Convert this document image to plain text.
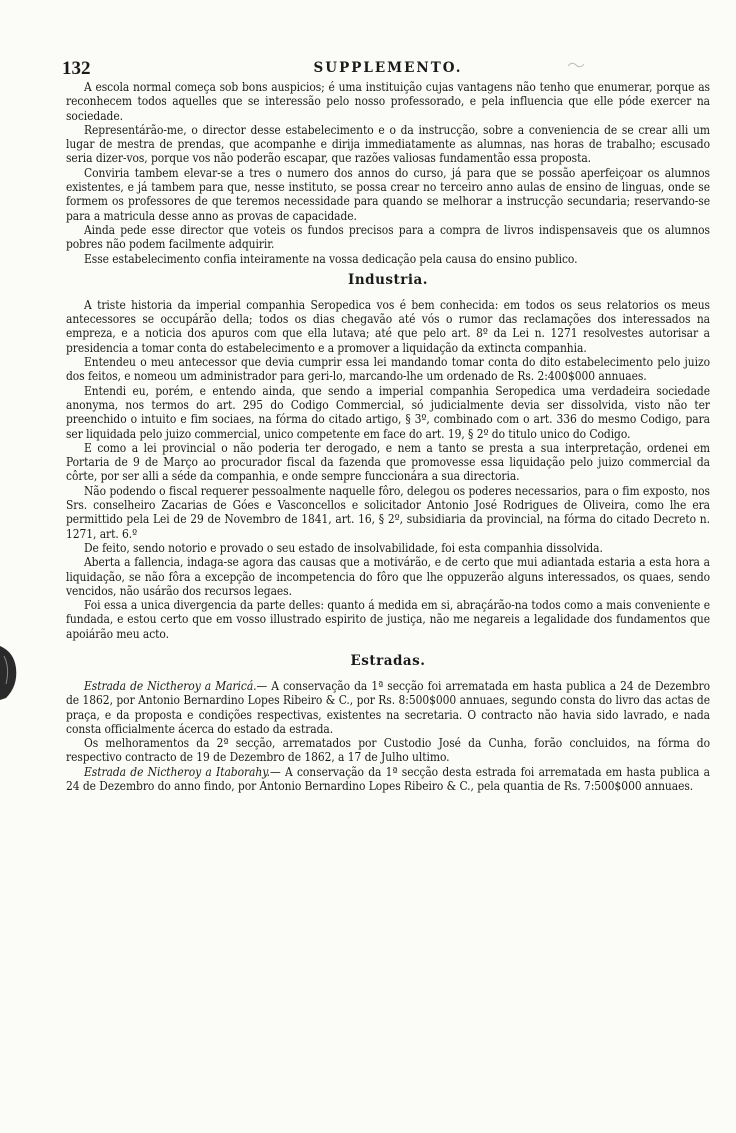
132	SUPPLEMENTO.

A escola normal começa sob bons auspicios; é uma instituição cujas vantagens não tenho que enumerar, porque as reconhecem todos aquelles que se interessão pelo nosso professorado, e pela influencia que elle póde exercer na sociedade.

Representárão-me, o director desse estabelecimento e o da instrucção, sobre a conveniencia de se crear alli um lugar de mestra de prendas, que acompanhe e dirija immediatamente as alumnas, nas horas de trabalho; escusado seria dizer-vos, porque vos não poderão escapar, que razões valiosas fundamentão essa proposta.

Conviria tambem elevar-se a tres o numero dos annos do curso, já para que se possão aperfeiçoar os alumnos existentes, e já tambem para que, nesse instituto, se possa crear no terceiro anno aulas de ensino de linguas, onde se formem os professores de que teremos necessidade para quando se melhorar a instrucção secundaria; reservando-se para a matricula desse anno as provas de capacidade.

Ainda pede esse director que voteis os fundos precisos para a compra de livros indispensaveis que os alumnos pobres não podem facilmente adquirir.

Esse estabelecimento confia inteiramente na vossa dedicação pela causa do ensino publico.

Industria.

A triste historia da imperial companhia Seropedica vos é bem conhecida: em todos os seus relatorios os meus antecessores se occupárão della; todos os dias chegavão até vós o rumor das reclamações dos interessados na empreza, e a noticia dos apuros com que ella lutava; até que pelo art. 8º da Lei n. 1271 resolvestes autorisar a presidencia a tomar conta do estabelecimento e a promover a liquidação da extincta companhia.

Entendeu o meu antecessor que devia cumprir essa lei mandando tomar conta do dito estabelecimento pelo juizo dos feitos, e nomeou um administrador para geri-lo, marcando-lhe um ordenado de Rs. 2:400$000 annuaes.

Entendi eu, porém, e entendo ainda, que sendo a imperial companhia Seropedica uma verdadeira sociedade anonyma, nos termos do art. 295 do Codigo Commercial, só judicialmente devia ser dissolvida, visto não ter preenchido o intuito e fim sociaes, na fórma do citado artigo, § 3º, combinado com o art. 336 do mesmo Codigo, para ser liquidada pelo juizo commercial, unico competente em face do art. 19, § 2º do titulo unico do Codigo.

E como a lei provincial o não poderia ter derogado, e nem a tanto se presta a sua interpretação, ordenei em Portaria de 9 de Março ao procurador fiscal da fazenda que promovesse essa liquidação pelo juizo commercial da côrte, por ser alli a séde da companhia, e onde sempre funccionára a sua directoria.

Não podendo o fiscal requerer pessoalmente naquelle fôro, delegou os poderes necessarios, para o fim exposto, nos Srs. conselheiro Zacarias de Góes e Vasconcellos e solicitador Antonio José Rodrigues de Oliveira, como lhe era permittido pela Lei de 29 de Novembro de 1841, art. 16, § 2º, subsidiaria da provincial, na fórma do citado Decreto n. 1271, art. 6.º

De feito, sendo notorio e provado o seu estado de insolvabilidade, foi esta companhia dissolvida.

Aberta a fallencia, indaga-se agora das causas que a motivárão, e de certo que mui adiantada estaria a esta hora a liquidação, se não fôra a excepção de incompetencia do fôro que lhe oppuzerão alguns interessados, os quaes, sendo vencidos, não usárão dos recursos legaes.

Foi essa a unica divergencia da parte delles: quanto á medida em si, abraçárão-na todos como a mais conveniente e fundada, e estou certo que em vosso illustrado espirito de justiça, não me negareis a legalidade dos fundamentos que apoiárão meu acto.

Estradas.

Estrada de Nictheroy a Maricá.— A conservação da 1ª secção foi arrematada em hasta publica a 24 de Dezembro de 1862, por Antonio Bernardino Lopes Ribeiro & C., por Rs. 8:500$000 annuaes, segundo consta do livro das actas de praça, e da proposta e condições respectivas, existentes na secretaria. O contracto não havia sido lavrado, e nada consta officialmente ácerca do estado da estrada.

Os melhoramentos da 2ª secção, arrematados por Custodio José da Cunha, forão concluidos, na fórma do respectivo contracto de 19 de Dezembro de 1862, a 17 de Julho ultimo.

Estrada de Nictheroy a Itaborahy.— A conservação da 1ª secção desta estrada foi arrematada em hasta publica a 24 de Dezembro do anno findo, por Antonio Bernardino Lopes Ribeiro & C., pela quantia de Rs. 7:500$000 annuaes.
